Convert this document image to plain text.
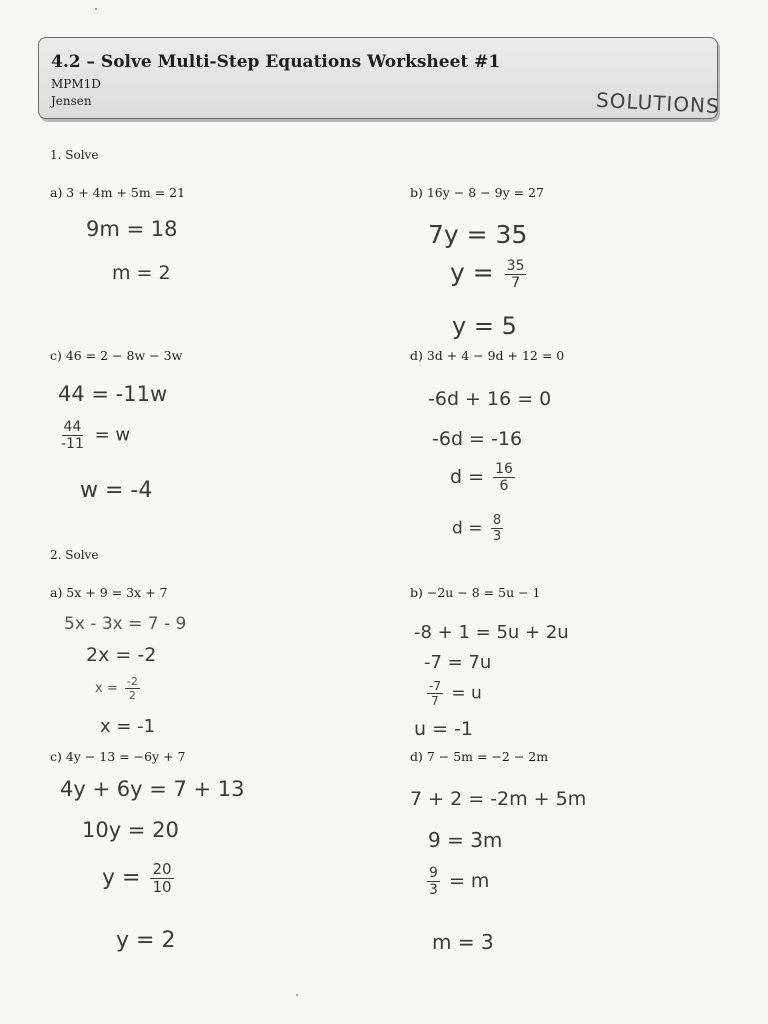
4.2 – Solve Multi-Step Equations Worksheet #1
MPM1D
Jensen	SOLUTIONS
1. Solve
a) 3 + 4m + 5m = 21
9m = 18
m = 2
b) 16y − 8 − 9y = 27
7y = 35
$y = \frac{35}{7}$
y = 5
c) 46 = 2 − 8w − 3w
44 = -11w
$\frac{44}{-11} = w$
w = -4
d) 3d + 4 − 9d + 12 = 0
-6d + 16 = 0
-6d = -16
$d = \frac{16}{6}$
$d = \frac{8}{3}$
2. Solve
a) 5x + 9 = 3x + 7
5x - 3x = 7 - 9
2x = -2
$x = \frac{-2}{2}$
x = -1
b) −2u − 8 = 5u − 1
-8 + 1 = 5u + 2u
-7 = 7u
$\frac{-7}{7} = u$
u = -1
c) 4y − 13 = −6y + 7
4y + 6y = 7 + 13
10y = 20
$y = \frac{20}{10}$
y = 2
d) 7 − 5m = −2 − 2m
7 + 2 = -2m + 5m
9 = 3m
$\frac{9}{3} = m$
m = 3
